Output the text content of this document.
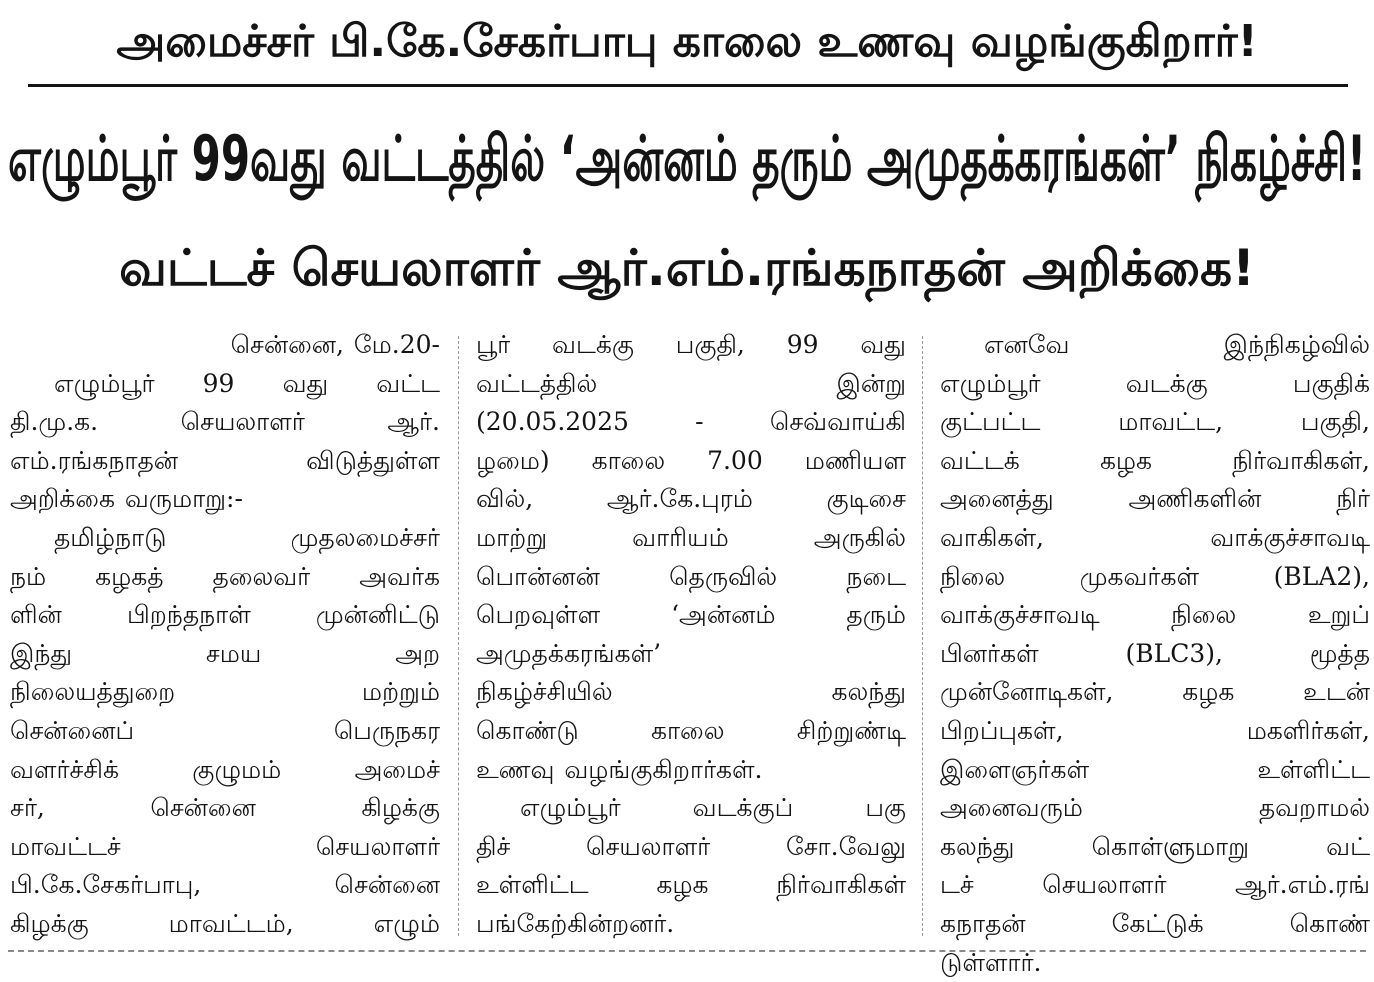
அமைச்சர் பி.கே.சேகர்பாபு காலை உணவு வழங்குகிறார்!
எழும்பூர் 99வது வட்டத்தில் ‘அன்னம் தரும் அமுதக்கரங்கள்’ நிகழ்ச்சி!
வட்டச் செயலாளர் ஆர்.எம்.ரங்கநாதன் அறிக்கை!
சென்னை, மே.20-
எழும்பூர் 99 வது வட்ட
தி.மு.க. செயலாளர் ஆர்.
எம்.ரங்கநாதன் விடுத்துள்ள
அறிக்கை வருமாறு:-
தமிழ்நாடு முதலமைச்சர்
நம் கழகத் தலைவர் அவர்க
ளின் பிறந்தநாள் முன்னிட்டு
இந்து சமய அற
நிலையத்துறை மற்றும்
சென்னைப் பெருநகர
வளர்ச்சிக் குழுமம் அமைச்
சர், சென்னை கிழக்கு
மாவட்டச் செயலாளர்
பி.கே.சேகர்பாபு, சென்னை
கிழக்கு மாவட்டம், எழும்
பூர் வடக்கு பகுதி, 99 வது
வட்டத்தில் இன்று
(20.05.2025 - செவ்வாய்கி
ழமை) காலை 7.00 மணியள
வில், ஆர்.கே.புரம் குடிசை
மாற்று வாரியம் அருகில்
பொன்னன் தெருவில் நடை
பெறவுள்ள ‘அன்னம் தரும்
அமுதக்கரங்கள்’
நிகழ்ச்சியில் கலந்து
கொண்டு காலை சிற்றுண்டி
உணவு வழங்குகிறார்கள்.
எழும்பூர் வடக்குப் பகு
திச் செயலாளர் சோ.வேலு
உள்ளிட்ட கழக நிர்வாகிகள்
பங்கேற்கின்றனர்.
எனவே இந்நிகழ்வில்
எழும்பூர் வடக்கு பகுதிக்
குட்பட்ட மாவட்ட, பகுதி,
வட்டக் கழக நிர்வாகிகள்,
அனைத்து அணிகளின் நிர்
வாகிகள், வாக்குச்சாவடி
நிலை முகவர்கள் (BLA2),
வாக்குச்சாவடி நிலை உறுப்
பினர்கள் (BLC3), மூத்த
முன்னோடிகள், கழக உடன்
பிறப்புகள், மகளிர்கள்,
இளைஞர்கள் உள்ளிட்ட
அனைவரும் தவறாமல்
கலந்து கொள்ளுமாறு வட்
டச் செயலாளர் ஆர்.எம்.ரங்
கநாதன் கேட்டுக் கொண்
டுள்ளார்.
